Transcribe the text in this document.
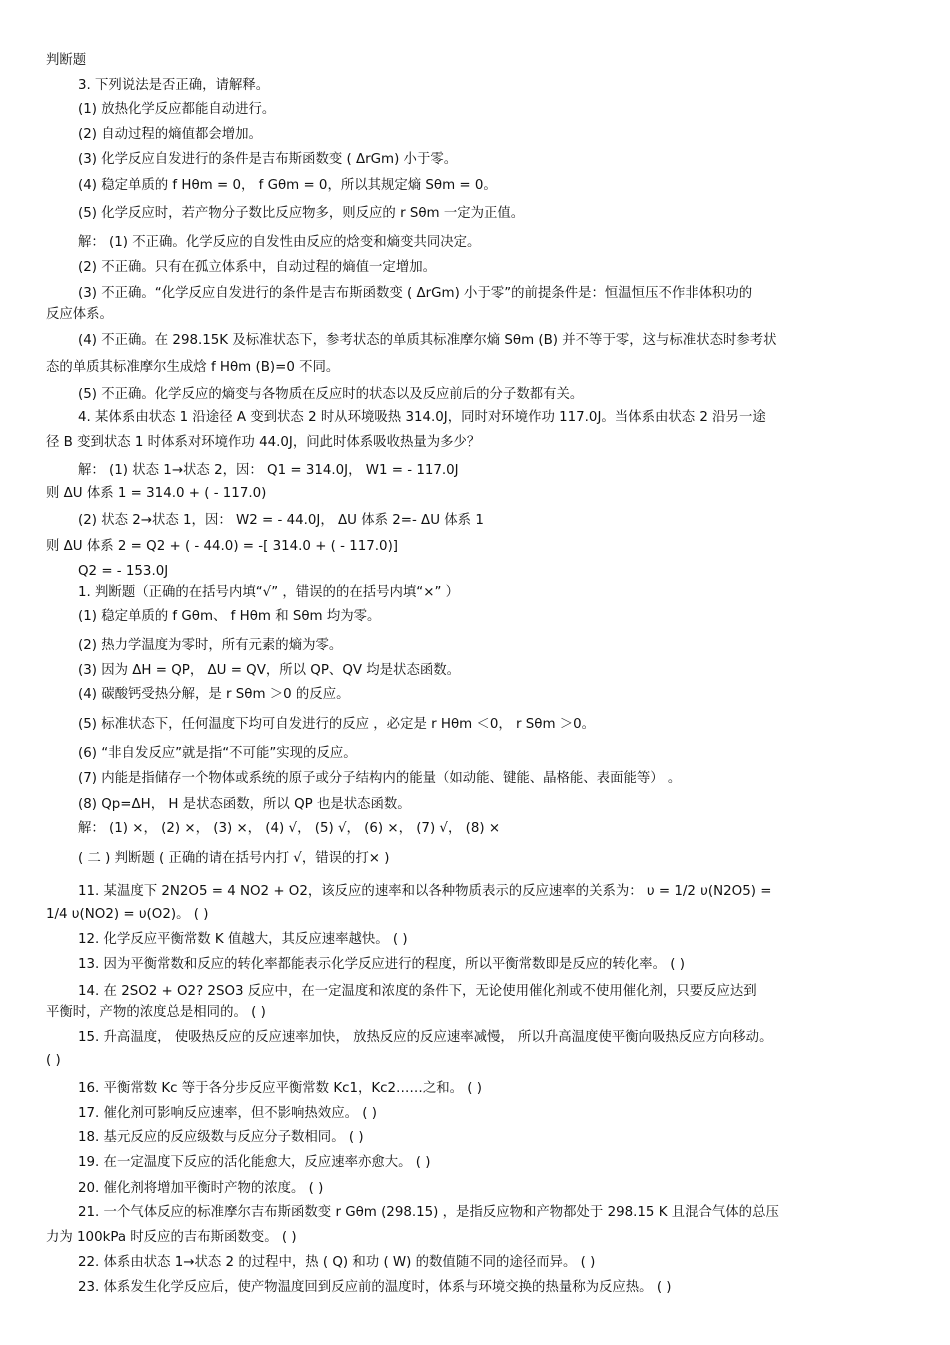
判断题
3. 下列说法是否正确，请解释。
(1) 放热化学反应都能自动进行。
(2) 自动过程的熵值都会增加。
(3) 化学反应自发进行的条件是吉布斯函数变 ( ΔrGm) 小于零。
(4) 稳定单质的 f Hθm = 0， f Gθm = 0，所以其规定熵 Sθm = 0。
(5) 化学反应时，若产物分子数比反应物多，则反应的 r Sθm 一定为正值。
解： (1) 不正确。化学反应的自发性由反应的焓变和熵变共同决定。
(2) 不正确。只有在孤立体系中，自动过程的熵值一定增加。
(3) 不正确。“化学反应自发进行的条件是吉布斯函数变 ( ΔrGm) 小于零”的前提条件是：恒温恒压不作非体积功的
反应体系。
(4) 不正确。在 298.15K 及标准状态下，参考状态的单质其标准摩尔熵 Sθm (B) 并不等于零，这与标准状态时参考状
态的单质其标准摩尔生成焓 f Hθm (B)=0 不同。
(5) 不正确。化学反应的熵变与各物质在反应时的状态以及反应前后的分子数都有关。
4. 某体系由状态 1 沿途径 A 变到状态 2 时从环境吸热 314.0J，同时对环境作功 117.0J。当体系由状态 2 沿另一途
径 B 变到状态 1 时体系对环境作功 44.0J，问此时体系吸收热量为多少？
解： (1) 状态 1→状态 2，因： Q1 = 314.0J， W1 = - 117.0J
则 ΔU 体系 1 = 314.0 + ( - 117.0)
(2) 状态 2→状态 1，因： W2 = - 44.0J， ΔU 体系 2=- ΔU 体系 1
则 ΔU 体系 2 = Q2 + ( - 44.0) = -[ 314.0 + ( - 117.0)]
Q2 = - 153.0J
1. 判断题（正确的在括号内填“√” ，错误的的在括号内填“×” ）
(1) 稳定单质的 f Gθm、 f Hθm 和 Sθm 均为零。
(2) 热力学温度为零时，所有元素的熵为零。
(3) 因为 ΔH = QP， ΔU = QV，所以 QP、QV 均是状态函数。
(4) 碳酸钙受热分解，是 r Sθm ＞0 的反应。
(5) 标准状态下，任何温度下均可自发进行的反应 ，必定是 r Hθm ＜0， r Sθm ＞0。
(6) “非自发反应”就是指“不可能”实现的反应。
(7) 内能是指储存一个物体或系统的原子或分子结构内的能量（如动能、键能、晶格能、表面能等） 。
(8) Qp=ΔH， H 是状态函数，所以 QP 也是状态函数。
解： (1) ×， (2) ×， (3) ×， (4) √， (5) √， (6) ×， (7) √， (8) ×
( 二 ) 判断题 ( 正确的请在括号内打 √，错误的打× )
11. 某温度下 2N2O5 = 4 NO2 + O2，该反应的速率和以各种物质表示的反应速率的关系为： υ = 1/2 υ(N2O5) =
1/4 υ(NO2) = υ(O2)。 ( )
12. 化学反应平衡常数 K 值越大，其反应速率越快。 ( )
13. 因为平衡常数和反应的转化率都能表示化学反应进行的程度，所以平衡常数即是反应的转化率。 ( )
14. 在 2SO2 + O2? 2SO3 反应中，在一定温度和浓度的条件下，无论使用催化剂或不使用催化剂，只要反应达到
平衡时，产物的浓度总是相同的。 ( )
15. 升高温度， 使吸热反应的反应速率加快， 放热反应的反应速率减慢， 所以升高温度使平衡向吸热反应方向移动。
( )
16. 平衡常数 Kc 等于各分步反应平衡常数 Kc1，Kc2……之和。 ( )
17. 催化剂可影响反应速率，但不影响热效应。 ( )
18. 基元反应的反应级数与反应分子数相同。 ( )
19. 在一定温度下反应的活化能愈大，反应速率亦愈大。 ( )
20. 催化剂将增加平衡时产物的浓度。 ( )
21. 一个气体反应的标准摩尔吉布斯函数变 r Gθm (298.15) ，是指反应物和产物都处于 298.15 K 且混合气体的总压
力为 100kPa 时反应的吉布斯函数变。 ( )
22. 体系由状态 1→状态 2 的过程中，热 ( Q) 和功 ( W) 的数值随不同的途径而异。 ( )
23. 体系发生化学反应后，使产物温度回到反应前的温度时，体系与环境交换的热量称为反应热。 ( )
